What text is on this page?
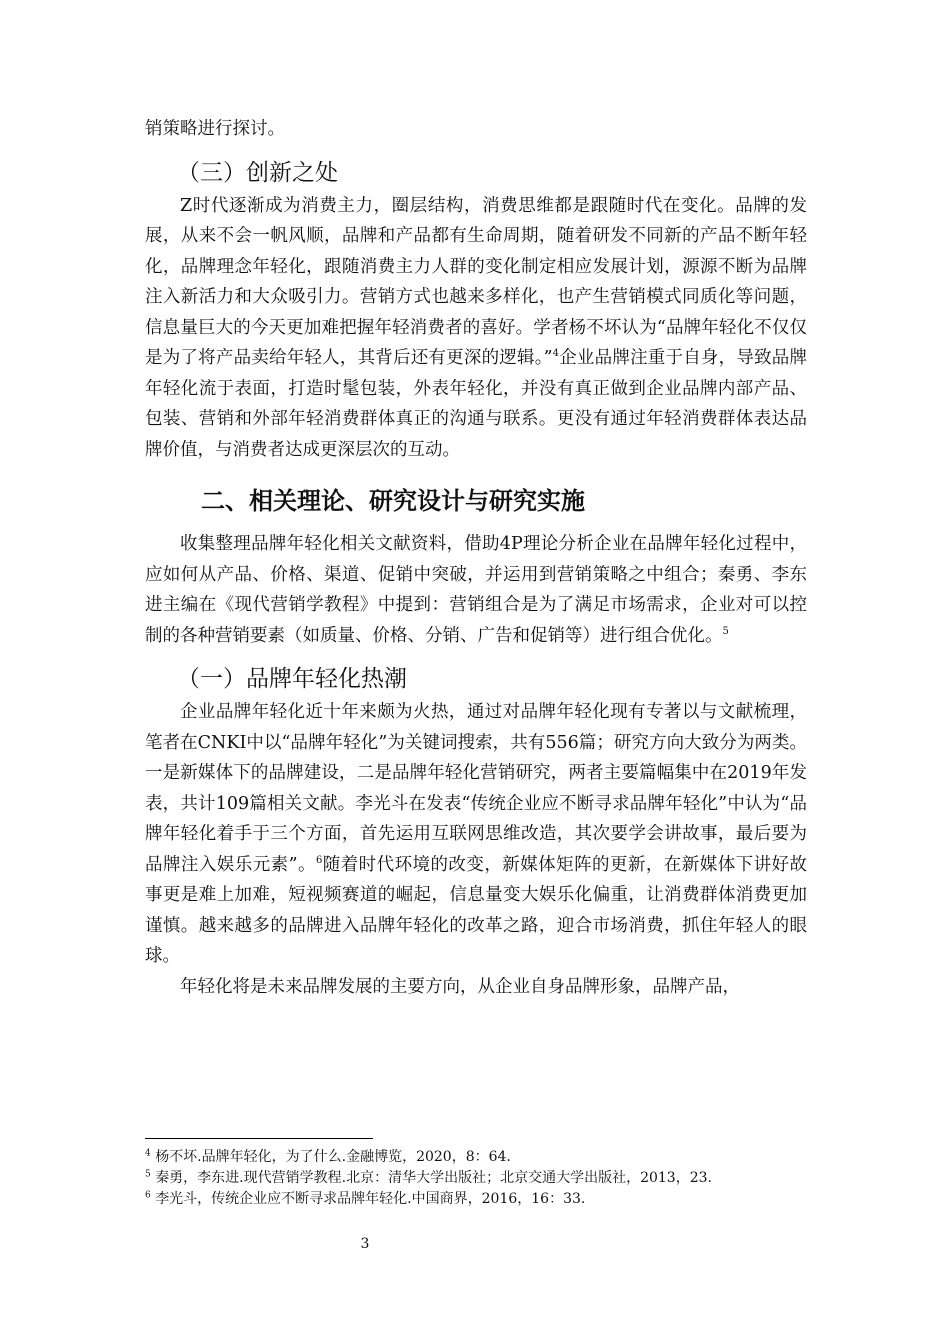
销策略进行探讨。

（三）创新之处

Z时代逐渐成为消费主力，圈层结构，消费思维都是跟随时代在变化。品牌的发展，从来不会一帆风顺，品牌和产品都有生命周期，随着研发不同新的产品不断年轻化，品牌理念年轻化，跟随消费主力人群的变化制定相应发展计划，源源不断为品牌注入新活力和大众吸引力。营销方式也越来多样化，也产生营销模式同质化等问题，信息量巨大的今天更加难把握年轻消费者的喜好。学者杨不坏认为“品牌年轻化不仅仅是为了将产品卖给年轻人，其背后还有更深的逻辑。”$^4$企业品牌注重于自身，导致品牌年轻化流于表面，打造时髦包装，外表年轻化，并没有真正做到企业品牌内部产品、包装、营销和外部年轻消费群体真正的沟通与联系。更没有通过年轻消费群体表达品牌价值，与消费者达成更深层次的互动。

二、相关理论、研究设计与研究实施

收集整理品牌年轻化相关文献资料，借助4P理论分析企业在品牌年轻化过程中，应如何从产品、价格、渠道、促销中突破，并运用到营销策略之中组合；秦勇、李东进主编在《现代营销学教程》中提到：营销组合是为了满足市场需求，企业对可以控制的各种营销要素（如质量、价格、分销、广告和促销等）进行组合优化。$^5$

（一）品牌年轻化热潮

企业品牌年轻化近十年来颇为火热，通过对品牌年轻化现有专著以与文献梳理，笔者在CNKI中以“品牌年轻化”为关键词搜索，共有556篇；研究方向大致分为两类。一是新媒体下的品牌建设，二是品牌年轻化营销研究，两者主要篇幅集中在2019年发表，共计109篇相关文献。李光斗在发表“传统企业应不断寻求品牌年轻化”中认为“品牌年轻化着手于三个方面，首先运用互联网思维改造，其次要学会讲故事，最后要为品牌注入娱乐元素”。$^6$随着时代环境的改变，新媒体矩阵的更新，在新媒体下讲好故事更是难上加难，短视频赛道的崛起，信息量变大娱乐化偏重，让消费群体消费更加谨慎。越来越多的品牌进入品牌年轻化的改革之路，迎合市场消费，抓住年轻人的眼球。

年轻化将是未来品牌发展的主要方向，从企业自身品牌形象，品牌产品，

$^4$ 杨不坏.品牌年轻化，为了什么.金融博览，2020，8：64.

$^5$ 秦勇，李东进.现代营销学教程.北京：清华大学出版社；北京交通大学出版社，2013，23.

$^6$ 李光斗，传统企业应不断寻求品牌年轻化.中国商界，2016，16：33.

3
